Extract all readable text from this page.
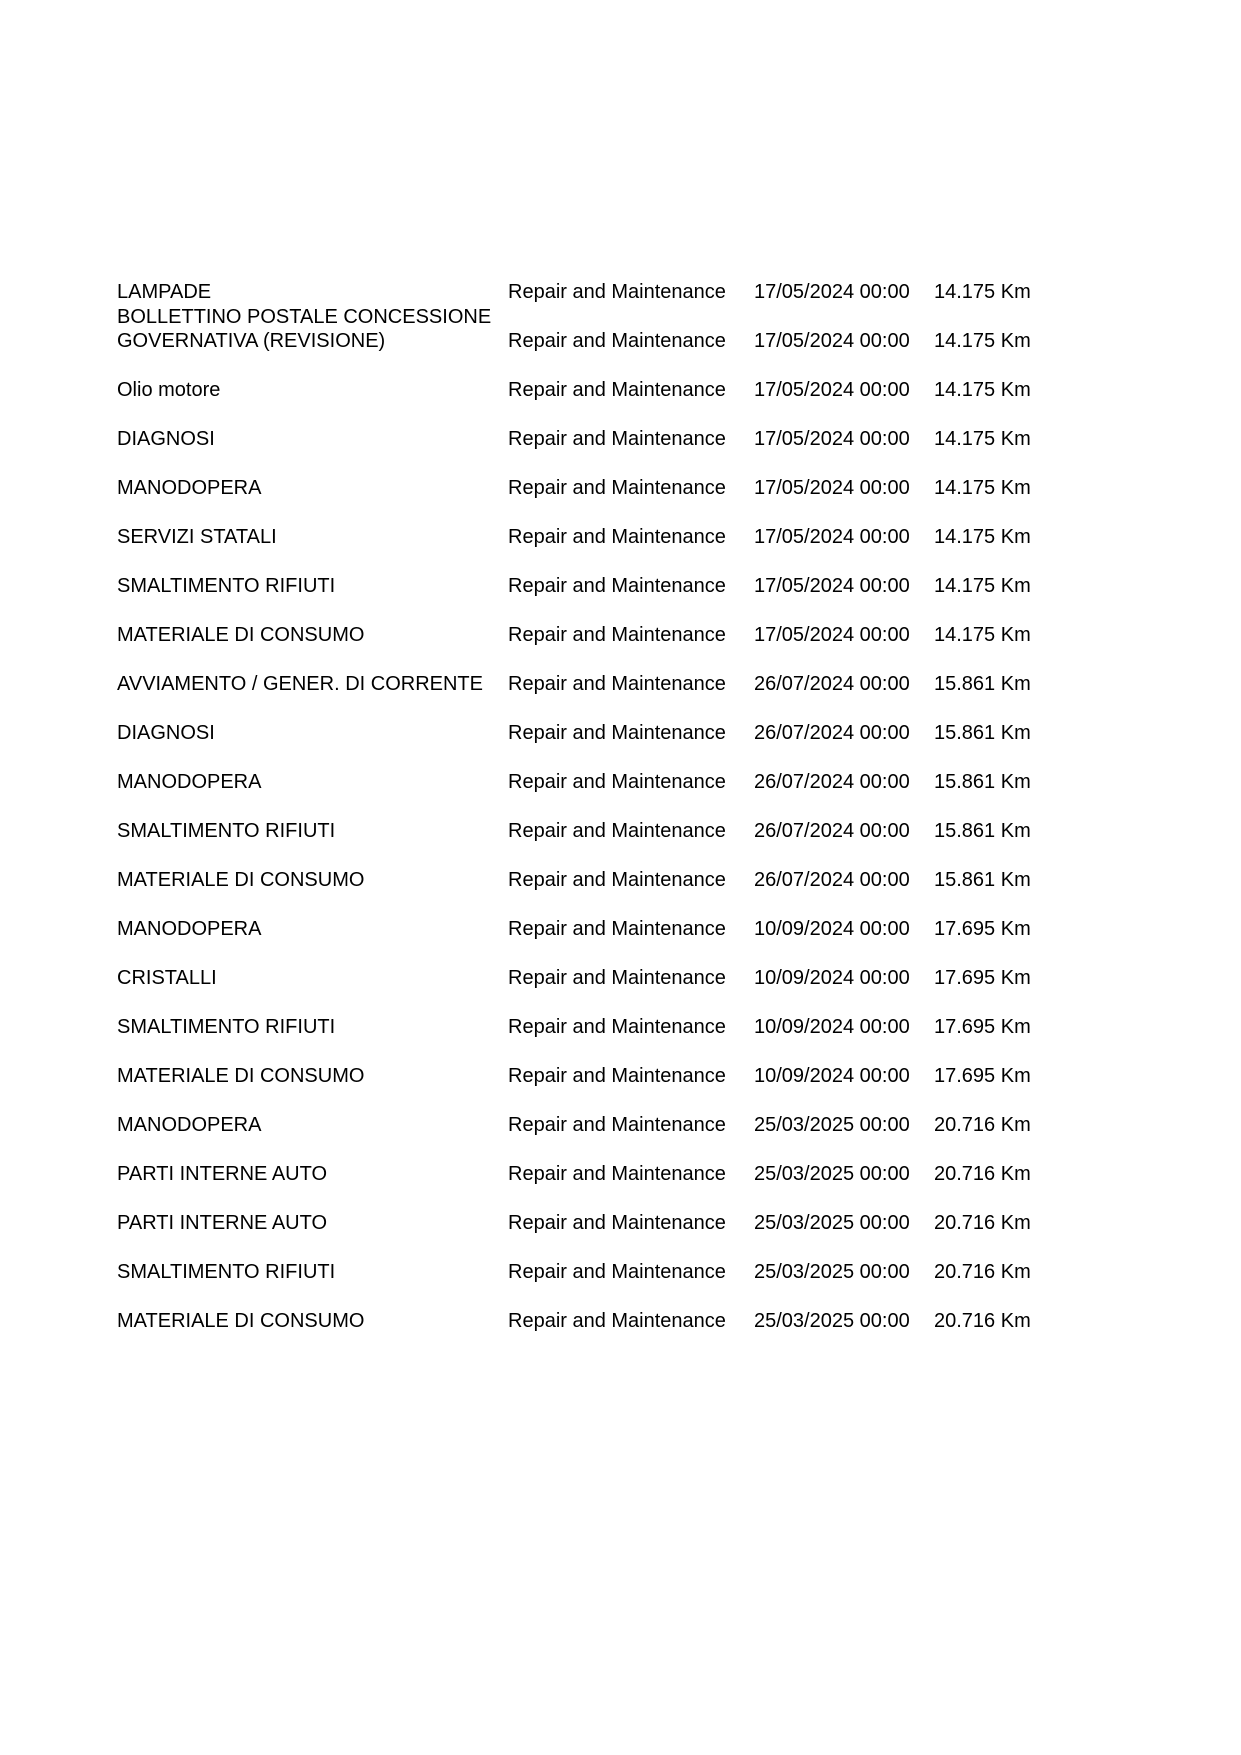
LAMPADE	Repair and Maintenance 17/05/2024 00:00 14.175 Km
BOLLETTINO POSTALE CONCESSIONE
GOVERNATIVA (REVISIONE)	Repair and Maintenance 17/05/2024 00:00 14.175 Km
Olio motore	Repair and Maintenance 17/05/2024 00:00 14.175 Km
DIAGNOSI	Repair and Maintenance 17/05/2024 00:00 14.175 Km
MANODOPERA	Repair and Maintenance 17/05/2024 00:00 14.175 Km
SERVIZI STATALI	Repair and Maintenance 17/05/2024 00:00 14.175 Km
SMALTIMENTO RIFIUTI	Repair and Maintenance 17/05/2024 00:00 14.175 Km
MATERIALE DI CONSUMO	Repair and Maintenance 17/05/2024 00:00 14.175 Km
AVVIAMENTO / GENER. DI CORRENTE	Repair and Maintenance 26/07/2024 00:00 15.861 Km
DIAGNOSI	Repair and Maintenance 26/07/2024 00:00 15.861 Km
MANODOPERA	Repair and Maintenance 26/07/2024 00:00 15.861 Km
SMALTIMENTO RIFIUTI	Repair and Maintenance 26/07/2024 00:00 15.861 Km
MATERIALE DI CONSUMO	Repair and Maintenance 26/07/2024 00:00 15.861 Km
MANODOPERA	Repair and Maintenance 10/09/2024 00:00 17.695 Km
CRISTALLI	Repair and Maintenance 10/09/2024 00:00 17.695 Km
SMALTIMENTO RIFIUTI	Repair and Maintenance 10/09/2024 00:00 17.695 Km
MATERIALE DI CONSUMO	Repair and Maintenance 10/09/2024 00:00 17.695 Km
MANODOPERA	Repair and Maintenance 25/03/2025 00:00 20.716 Km
PARTI INTERNE AUTO	Repair and Maintenance 25/03/2025 00:00 20.716 Km
PARTI INTERNE AUTO	Repair and Maintenance 25/03/2025 00:00 20.716 Km
SMALTIMENTO RIFIUTI	Repair and Maintenance 25/03/2025 00:00 20.716 Km
MATERIALE DI CONSUMO	Repair and Maintenance 25/03/2025 00:00 20.716 Km
